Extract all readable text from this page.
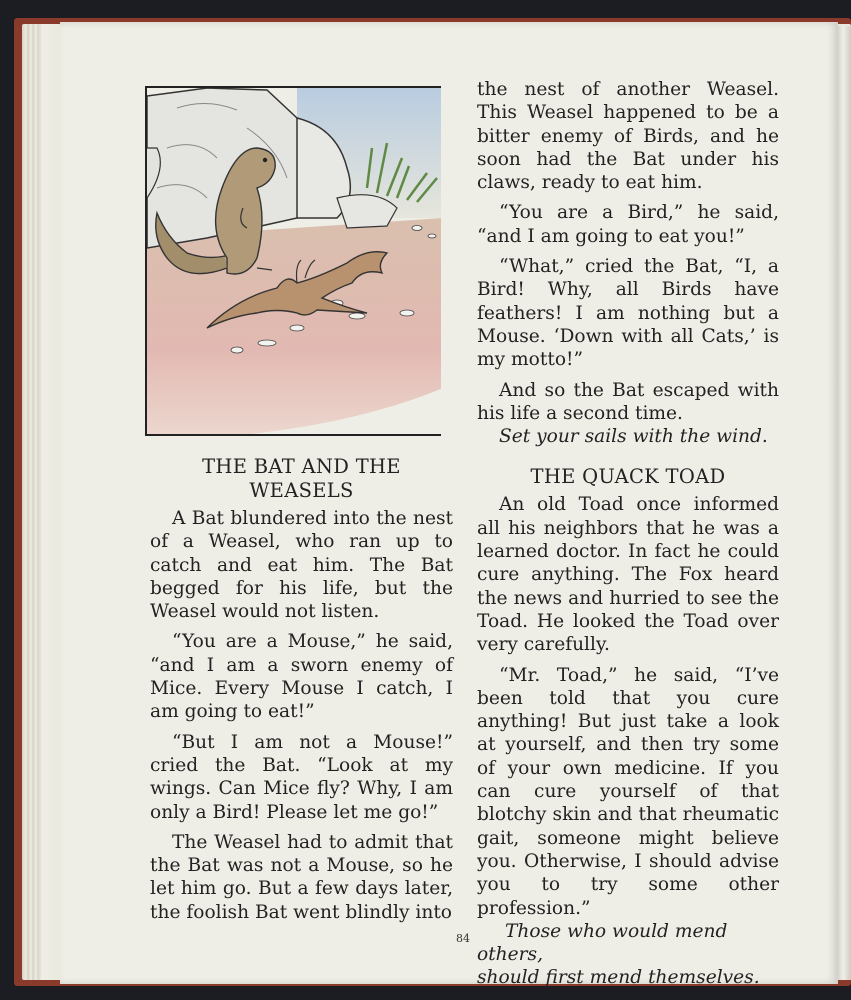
THE BAT AND THE WEASELS

A Bat blundered into the nest of a Weasel, who ran up to catch and eat him. The Bat begged for his life, but the Weasel would not listen.

“You are a Mouse,” he said, “and I am a sworn enemy of Mice. Every Mouse I catch, I am going to eat!”

“But I am not a Mouse!” cried the Bat. “Look at my wings. Can Mice fly? Why, I am only a Bird! Please let me go!”

The Weasel had to admit that the Bat was not a Mouse, so he let him go. But a few days later, the foolish Bat went blindly into

the nest of another Weasel. This Weasel happened to be a bitter enemy of Birds, and he soon had the Bat under his claws, ready to eat him.

“You are a Bird,” he said, “and I am going to eat you!”

“What,” cried the Bat, “I, a Bird! Why, all Birds have feathers! I am nothing but a Mouse. ‘Down with all Cats,’ is my motto!”

And so the Bat escaped with his life a second time.

Set your sails with the wind.

THE QUACK TOAD

An old Toad once informed all his neighbors that he was a learned doctor. In fact he could cure anything. The Fox heard the news and hurried to see the Toad. He looked the Toad over very carefully.

“Mr. Toad,” he said, “I’ve been told that you cure anything! But just take a look at yourself, and then try some of your own medicine. If you can cure yourself of that blotchy skin and that rheumatic gait, someone might believe you. Otherwise, I should advise you to try some other profession.”

Those who would mend others,

should first mend themselves.

84
